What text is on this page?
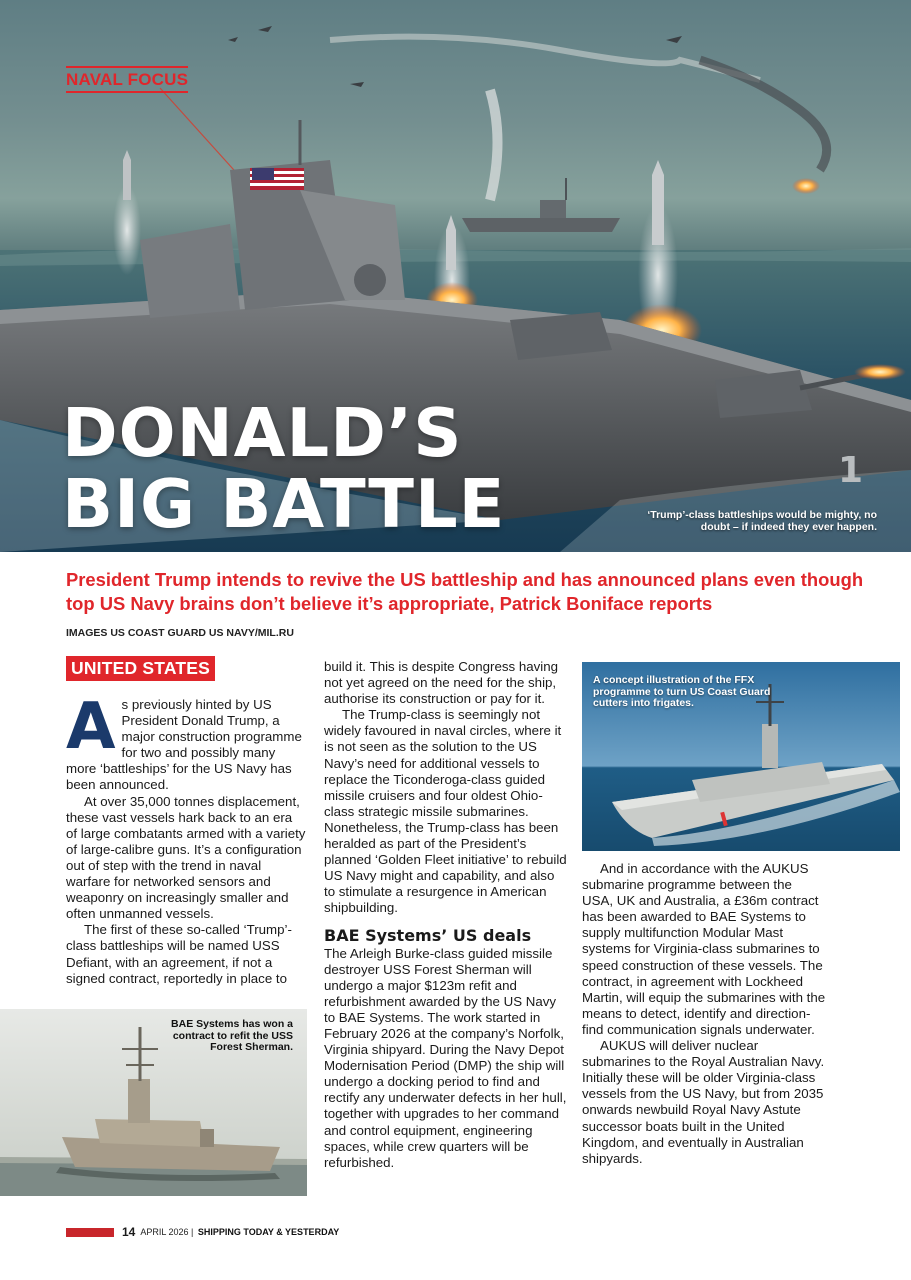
1
NAVAL FOCUS
DONALD’S
BIG BATTLE	‘Trump’-class battleships would be mighty, no doubt – if indeed they ever happen.
President Trump intends to revive the US battleship and has announced plans even though top US Navy brains don’t believe it’s appropriate, Patrick Boniface reports
IMAGES US COAST GUARD US NAVY/MIL.RU
UNITED STATES

As previously hinted by US President Donald Trump, a major construction programme for two and possibly many more ‘battleships’ for the US Navy has been announced.

At over 35,000 tonnes displacement, these vast vessels hark back to an era of large combatants armed with a variety of large-calibre guns. It’s a configuration out of step with the trend in naval warfare for networked sensors and weaponry on increasingly smaller and often unmanned vessels.

The first of these so-called ‘Trump’-class battleships will be named USS Defiant, with an agreement, if not a signed contract, reportedly in place to

BAE Systems has won a contract to refit the USS Forest Sherman.

build it. This is despite Congress having not yet agreed on the need for the ship, authorise its construction or pay for it.

The Trump-class is seemingly not widely favoured in naval circles, where it is not seen as the solution to the US Navy’s need for additional vessels to replace the Ticonderoga-class guided missile cruisers and four oldest Ohio-class strategic missile submarines. Nonetheless, the Trump-class has been heralded as part of the President’s planned ‘Golden Fleet initiative’ to rebuild US Navy might and capability, and also to stimulate a resurgence in American shipbuilding.

BAE Systems’ US deals

The Arleigh Burke-class guided missile destroyer USS Forest Sherman will undergo a major $123m refit and refurbishment awarded by the US Navy to BAE Systems. The work started in February 2026 at the company’s Norfolk, Virginia shipyard. During the Navy Depot Modernisation Period (DMP) the ship will undergo a docking period to find and rectify any underwater defects in her hull, together with upgrades to her command and control equipment, engineering spaces, while crew quarters will be refurbished.

A concept illustration of the FFX programme to turn US Coast Guard cutters into frigates.

And in accordance with the AUKUS submarine programme between the USA, UK and Australia, a £36m contract has been awarded to BAE Systems to supply multifunction Modular Mast systems for Virginia-class submarines to speed construction of these vessels. The contract, in agreement with Lockheed Martin, will equip the submarines with the means to detect, identify and direction-find communication signals underwater.

AUKUS will deliver nuclear submarines to the Royal Australian Navy. Initially these will be older Virginia-class vessels from the US Navy, but from 2035 onwards newbuild Royal Navy Astute successor boats built in the United Kingdom, and eventually in Australian shipyards.

14 APRIL 2026 |
SHIPPING TODAY & YESTERDAY
